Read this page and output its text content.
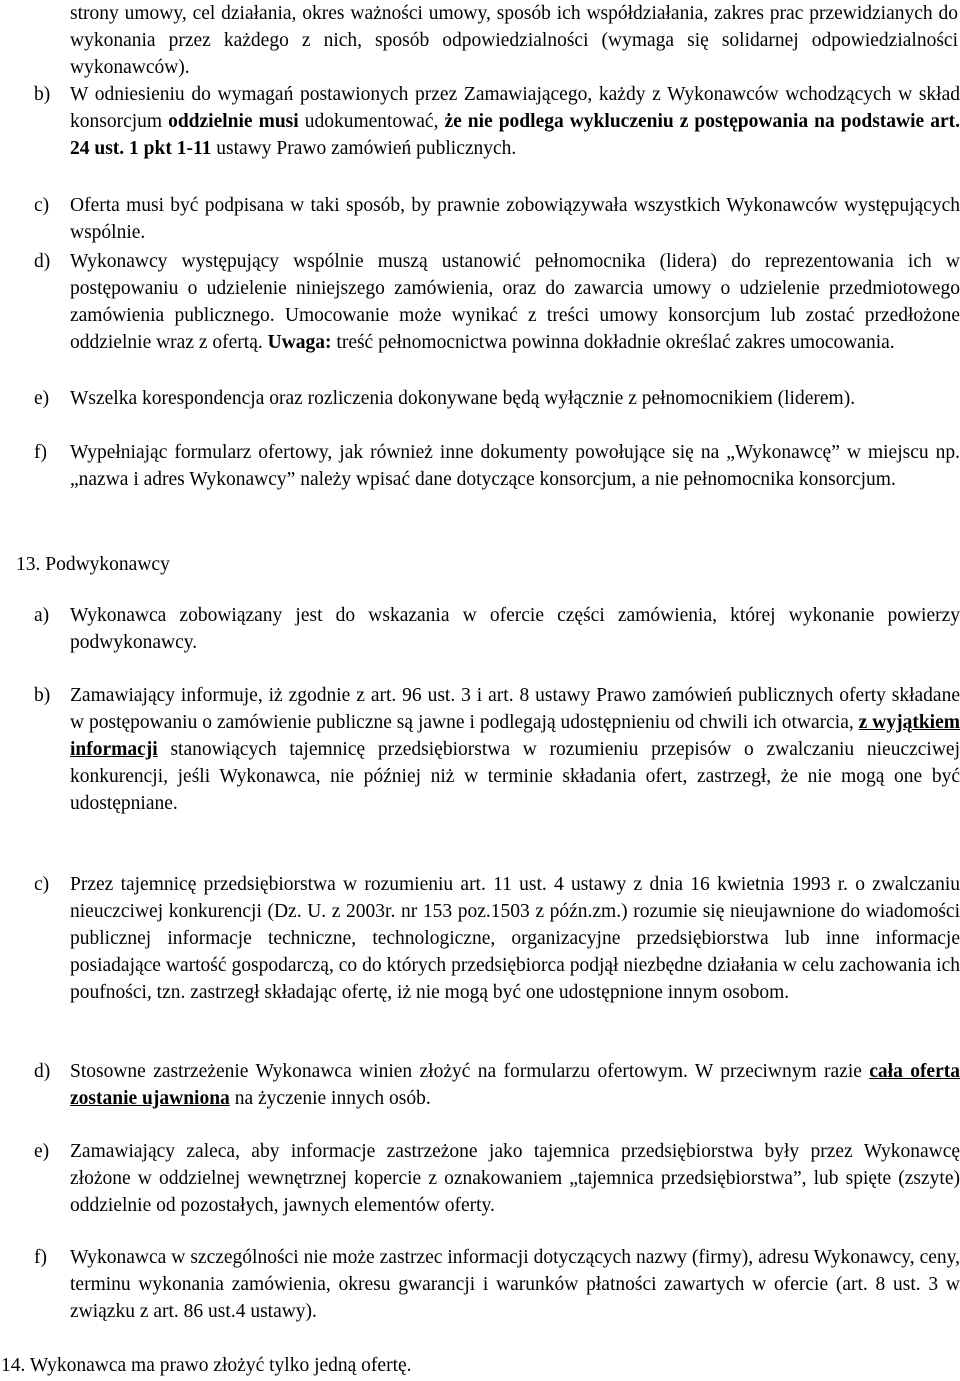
strony umowy, cel działania, okres ważności umowy, sposób ich współdziałania, zakres prac przewidzianych do wykonania przez każdego z nich, sposób odpowiedzialności (wymaga się solidarnej odpowiedzialności wykonawców).

b) W odniesieniu do wymagań postawionych przez Zamawiającego, każdy z Wykonawców wchodzących w skład konsorcjum oddzielnie musi udokumentować, że nie podlega wykluczeniu z postępowania na podstawie art. 24 ust. 1 pkt 1-11 ustawy Prawo zamówień publicznych.
c) Oferta musi być podpisana w taki sposób, by prawnie zobowiązywała wszystkich Wykonawców występujących wspólnie.
d) Wykonawcy występujący wspólnie muszą ustanowić pełnomocnika (lidera) do reprezentowania ich w postępowaniu o udzielenie niniejszego zamówienia, oraz do zawarcia umowy o udzielenie przedmiotowego zamówienia publicznego. Umocowanie może wynikać z treści umowy konsorcjum lub zostać przedłożone oddzielnie wraz z ofertą. Uwaga: treść pełnomocnictwa powinna dokładnie określać zakres umocowania.
e) Wszelka korespondencja oraz rozliczenia dokonywane będą wyłącznie z pełnomocnikiem (liderem).
f) Wypełniając formularz ofertowy, jak również inne dokumenty powołujące się na „Wykonawcę” w miejscu np. „nazwa i adres Wykonawcy” należy wpisać dane dotyczące konsorcjum, a nie pełnomocnika konsorcjum.
13. Podwykonawcy
a) Wykonawca zobowiązany jest do wskazania w ofercie części zamówienia, której wykonanie powierzy podwykonawcy.
b) Zamawiający informuje, iż zgodnie z art. 96 ust. 3 i art. 8 ustawy Prawo zamówień publicznych oferty składane w postępowaniu o zamówienie publiczne są jawne i podlegają udostępnieniu od chwili ich otwarcia, z wyjątkiem informacji stanowiących tajemnicę przedsiębiorstwa w rozumieniu przepisów o zwalczaniu nieuczciwej konkurencji, jeśli Wykonawca, nie później niż w terminie składania ofert, zastrzegł, że nie mogą one być udostępniane.
c) Przez tajemnicę przedsiębiorstwa w rozumieniu art. 11 ust. 4 ustawy z dnia 16 kwietnia 1993 r. o zwalczaniu nieuczciwej konkurencji (Dz. U. z 2003r. nr 153 poz.1503 z późn.zm.) rozumie się nieujawnione do wiadomości publicznej informacje techniczne, technologiczne, organizacyjne przedsiębiorstwa lub inne informacje posiadające wartość gospodarczą, co do których przedsiębiorca podjął niezbędne działania w celu zachowania ich poufności, tzn. zastrzegł składając ofertę, iż nie mogą być one udostępnione innym osobom.
d) Stosowne zastrzeżenie Wykonawca winien złożyć na formularzu ofertowym. W przeciwnym razie cała oferta zostanie ujawniona na życzenie innych osób.
e) Zamawiający zaleca, aby informacje zastrzeżone jako tajemnica przedsiębiorstwa były przez Wykonawcę złożone w oddzielnej wewnętrznej kopercie z oznakowaniem „tajemnica przedsiębiorstwa”, lub spięte (zszyte) oddzielnie od pozostałych, jawnych elementów oferty.
f) Wykonawca w szczególności nie może zastrzec informacji dotyczących nazwy (firmy), adresu Wykonawcy, ceny, terminu wykonania zamówienia, okresu gwarancji i warunków płatności zawartych w ofercie (art. 8 ust. 3 w związku z art. 86 ust.4 ustawy).
14. Wykonawca ma prawo złożyć tylko jedną ofertę.
